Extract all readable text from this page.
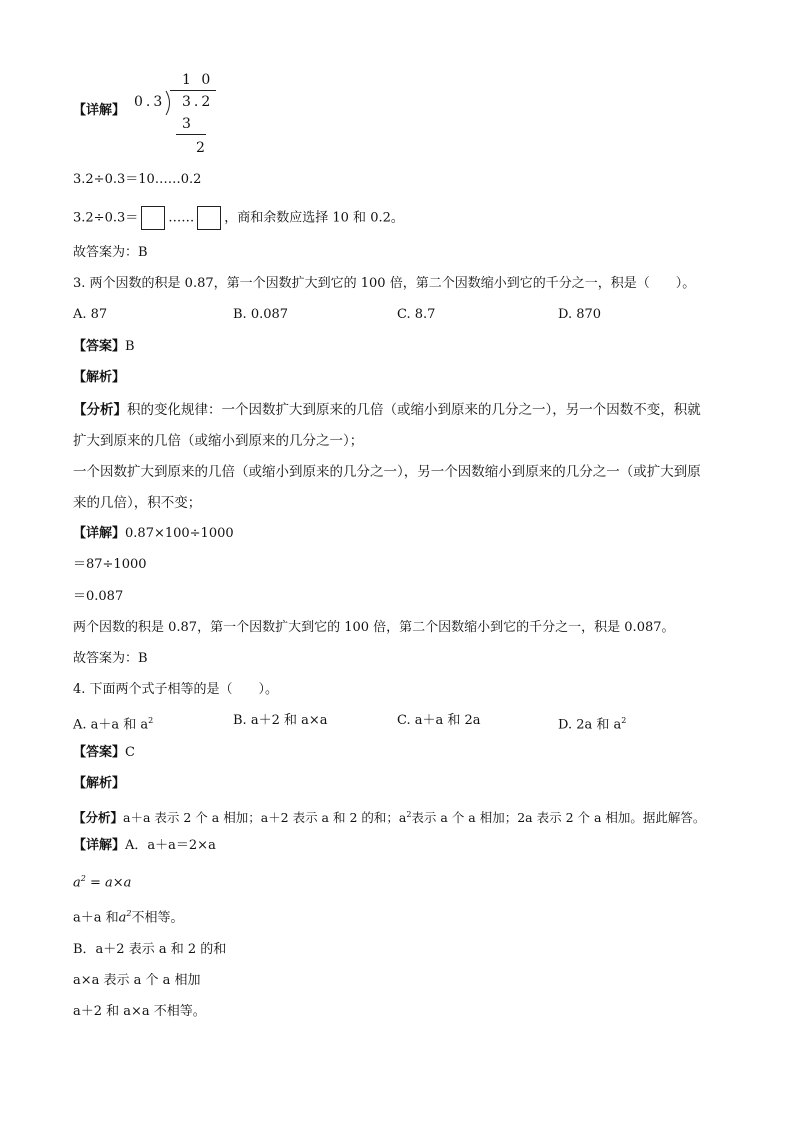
【详解】
1 0
0.3 3.2
3
2
3.2÷0.3＝10……0.2
3.2÷0.3＝ …… ，商和余数应选择 10 和 0.2。
故答案为：B
3. 两个因数的积是 0.87，第一个因数扩大到它的 100 倍，第二个因数缩小到它的千分之一，积是（　　）。
A. 87	B. 0.087	C. 8.7	D. 870
【答案】B
【解析】
【分析】积的变化规律：一个因数扩大到原来的几倍（或缩小到原来的几分之一），另一个因数不变，积就
扩大到原来的几倍（或缩小到原来的几分之一）；
一个因数扩大到原来的几倍（或缩小到原来的几分之一），另一个因数缩小到原来的几分之一（或扩大到原
来的几倍），积不变；
【详解】0.87×100÷1000
＝87÷1000
＝0.087
两个因数的积是 0.87，第一个因数扩大到它的 100 倍，第二个因数缩小到它的千分之一，积是 0.087。
故答案为：B
4. 下面两个式子相等的是（　　）。
A. a＋a 和 $a^2$	B. a＋2 和 a×a	C. a＋a 和 2a	D. 2a 和 $a^2$
【答案】C
【解析】
【分析】a＋a 表示 2 个 a 相加；a＋2 表示 a 和 2 的和；$a^2$表示 a 个 a 相加；2a 表示 2 个 a 相加。据此解答。
【详解】A．a＋a＝2×a
$a^2 = a\times a$
a＋a 和$a^2$不相等。
B．a＋2 表示 a 和 2 的和
a×a 表示 a 个 a 相加
a＋2 和 a×a 不相等。
